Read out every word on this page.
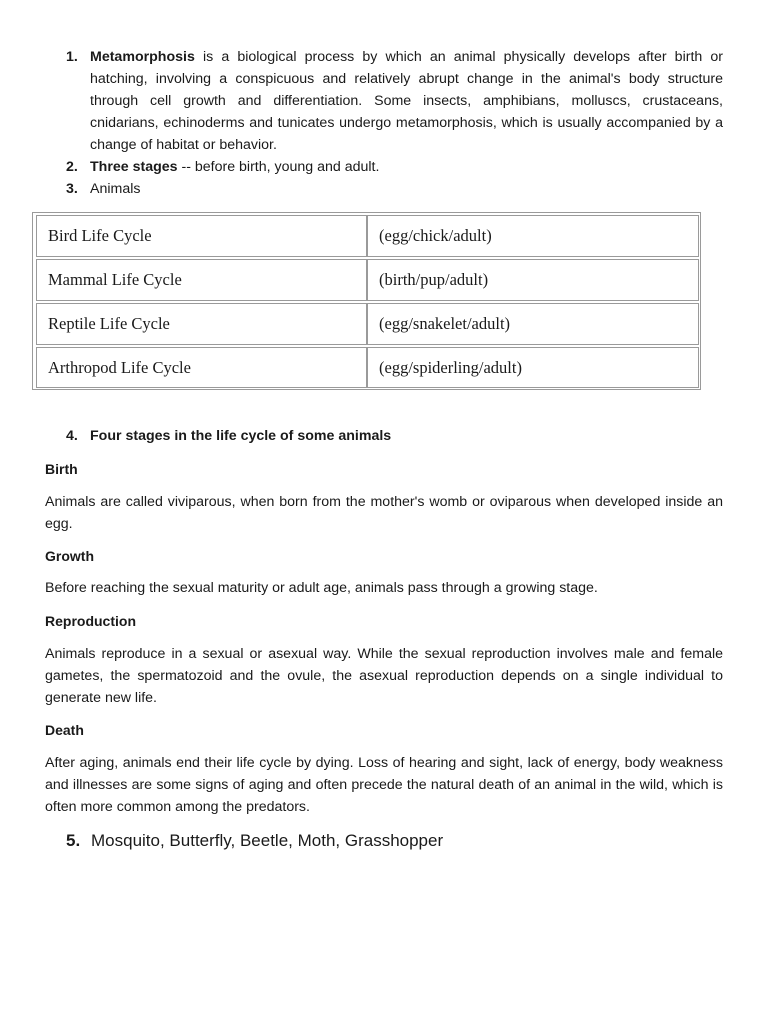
1. Metamorphosis is a biological process by which an animal physically develops after birth or hatching, involving a conspicuous and relatively abrupt change in the animal's body structure through cell growth and differentiation. Some insects, amphibians, molluscs, crustaceans, cnidarians, echinoderms and tunicates undergo metamorphosis, which is usually accompanied by a change of habitat or behavior.
2. Three stages -- before birth, young and adult.
3. Animals
Bird Life Cycle	(egg/chick/adult)
Mammal Life Cycle	(birth/pup/adult)
Reptile Life Cycle	(egg/snakelet/adult)
Arthropod Life Cycle	(egg/spiderling/adult)
4. Four stages in the life cycle of some animals
Birth
Animals are called viviparous, when born from the mother's womb or oviparous when developed inside an egg.
Growth
Before reaching the sexual maturity or adult age, animals pass through a growing stage.
Reproduction
Animals reproduce in a sexual or asexual way. While the sexual reproduction involves male and female gametes, the spermatozoid and the ovule, the asexual reproduction depends on a single individual to generate new life.
Death
After aging, animals end their life cycle by dying. Loss of hearing and sight, lack of energy, body weakness and illnesses are some signs of aging and often precede the natural death of an animal in the wild, which is often more common among the predators.
5. Mosquito, Butterfly, Beetle, Moth, Grasshopper
